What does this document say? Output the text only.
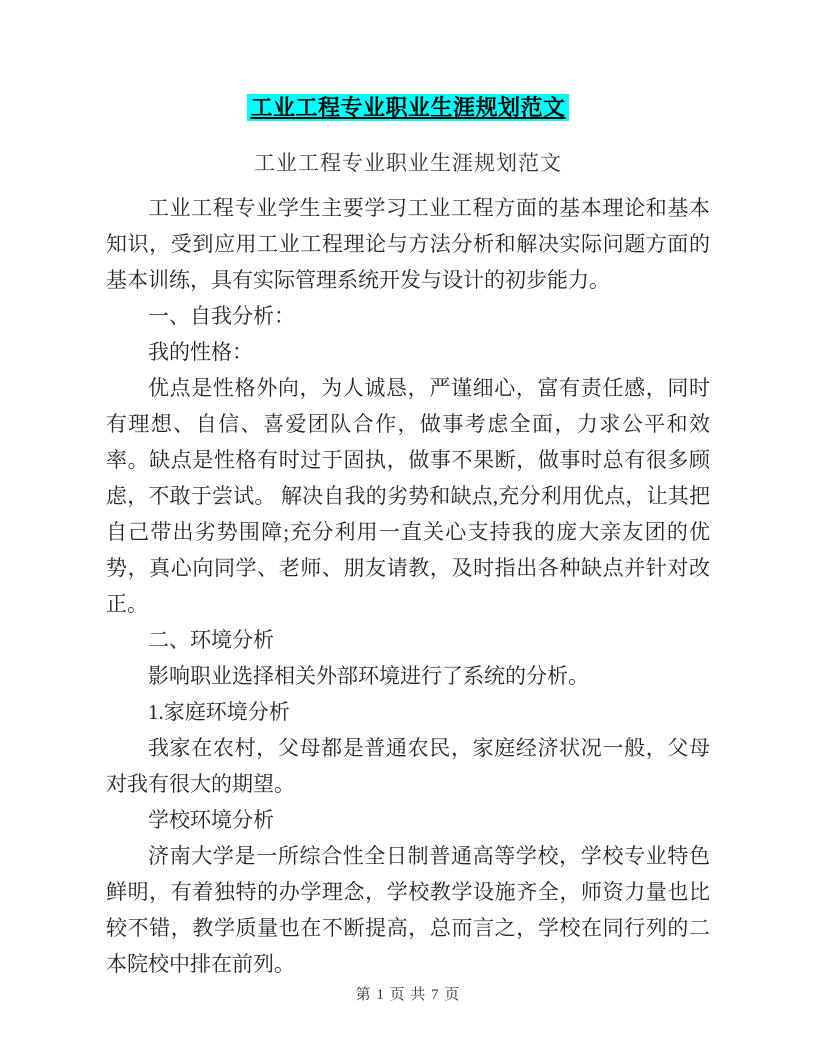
工业工程专业职业生涯规划范文
工业工程专业职业生涯规划范文

工业工程专业学生主要学习工业工程方面的基本理论和基本知识，受到应用工业工程理论与方法分析和解决实际问题方面的基本训练，具有实际管理系统开发与设计的初步能力。

一、自我分析：

我的性格：

优点是性格外向，为人诚恳，严谨细心，富有责任感，同时有理想、自信、喜爱团队合作，做事考虑全面，力求公平和效率。缺点是性格有时过于固执，做事不果断，做事时总有很多顾虑，不敢于尝试。 解决自我的劣势和缺点,充分利用优点，让其把自己带出劣势围障;充分利用一直关心支持我的庞大亲友团的优势，真心向同学、老师、朋友请教，及时指出各种缺点并针对改正。

二、环境分析

影响职业选择相关外部环境进行了系统的分析。

1.家庭环境分析

我家在农村，父母都是普通农民，家庭经济状况一般，父母对我有很大的期望。

学校环境分析

济南大学是一所综合性全日制普通高等学校，学校专业特色鲜明，有着独特的办学理念，学校教学设施齐全，师资力量也比较不错，教学质量也在不断提高，总而言之，学校在同行列的二本院校中排在前列。

第 1 页 共 7 页
